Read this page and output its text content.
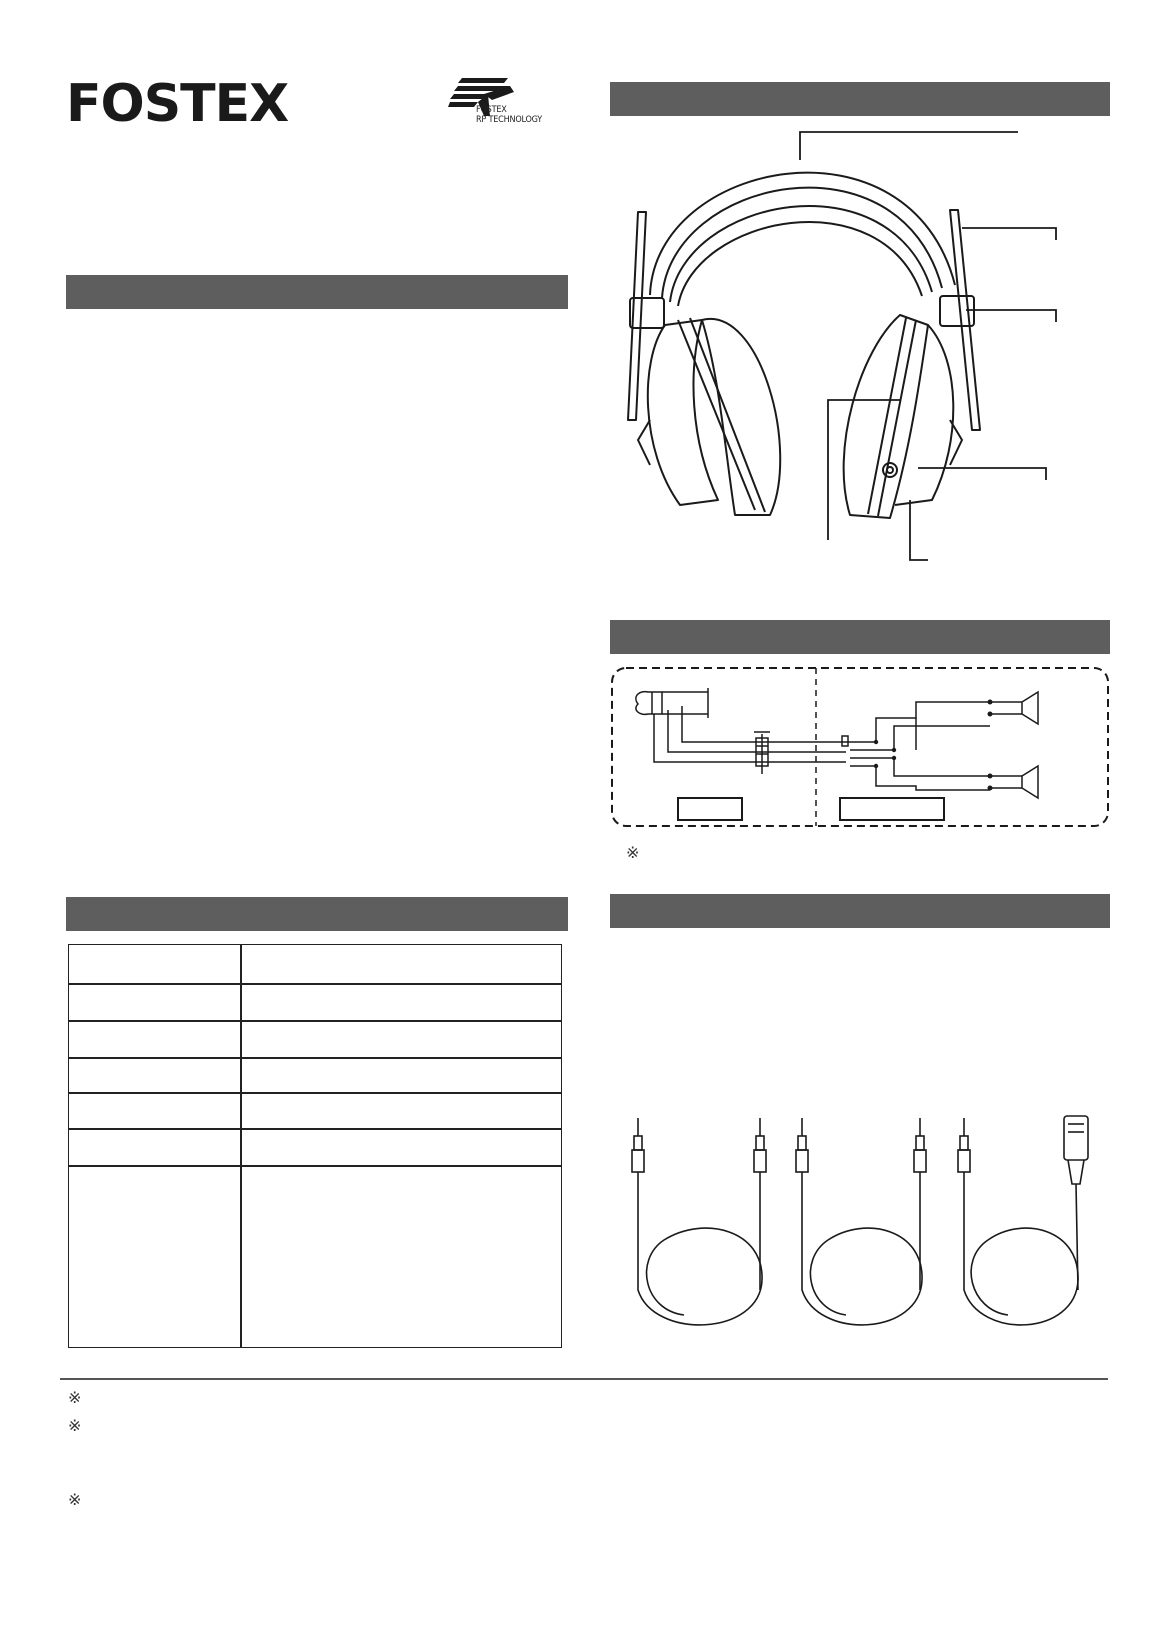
FOSTEX	FOSTEX
RP TECHNOLOGY
※
※
※
※
